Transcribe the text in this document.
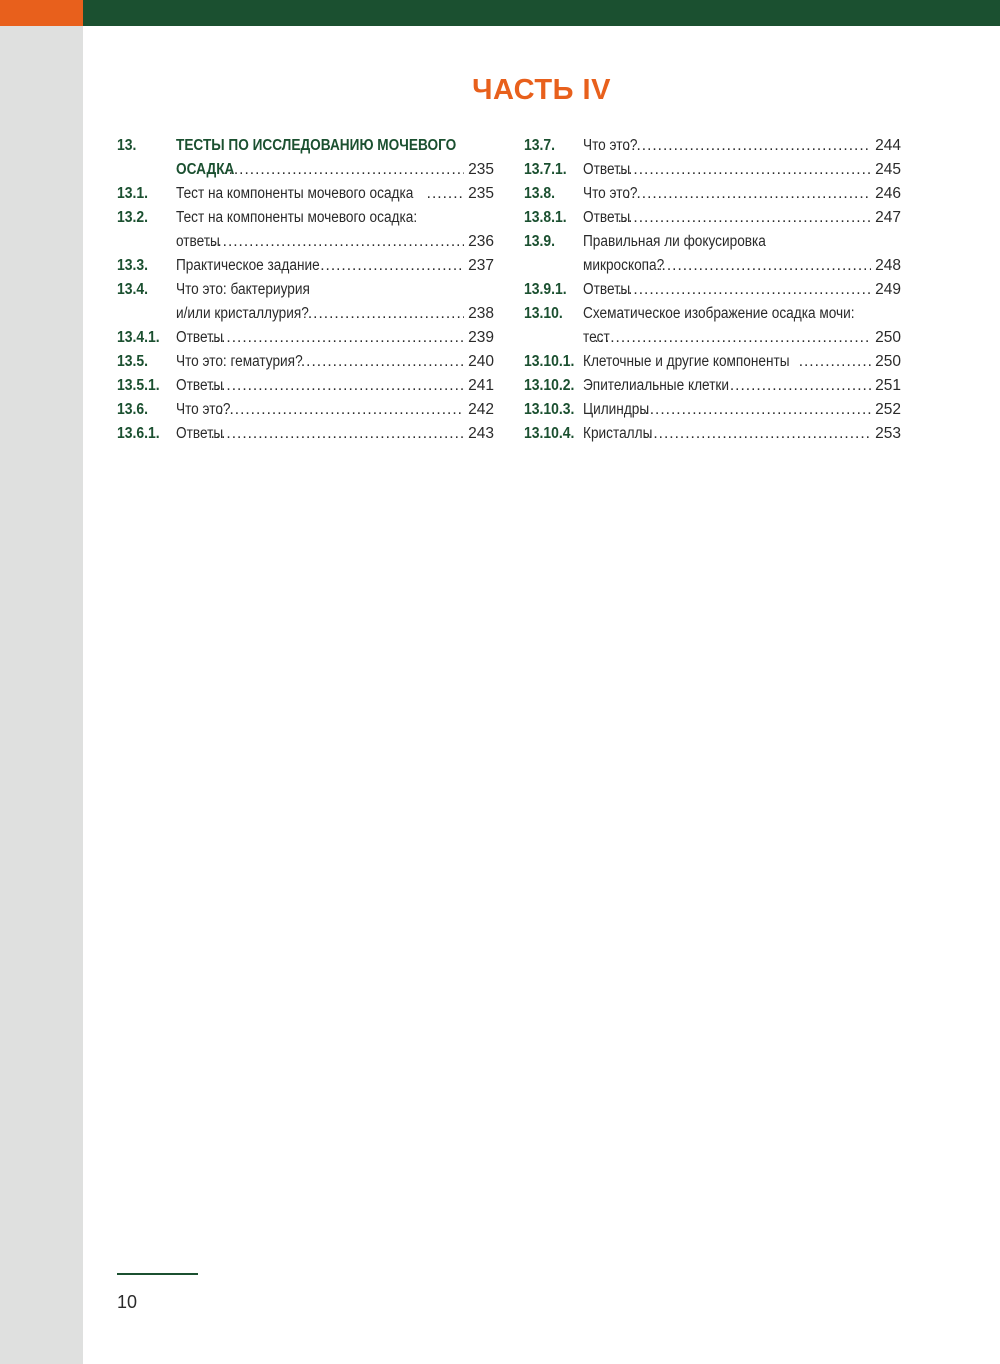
ЧАСТЬ IV
13.	ТЕСТЫ ПО ИССЛЕДОВАНИЮ МОЧЕВОГО
ОСАДКА .....	235
13.1.	Тест на компоненты мочевого осадка .....	235
13.2.	Тест на компоненты мочевого осадка:
ответы .....	236
13.3.	Практическое задание .....	237
13.4.	Что это: бактериурия
и/или кристаллурия? .....	238
13.4.1.	Ответы .....	239
13.5.	Что это: гематурия? .....	240
13.5.1.	Ответы .....	241
13.6.	Что это? .....	242
13.6.1.	Ответы .....	243
13.7.	Что это? .....	244
13.7.1.	Ответы .....	245
13.8.	Что это? .....	246
13.8.1.	Ответы .....	247
13.9.	Правильная ли фокусировка
микроскопа? .....	248
13.9.1.	Ответы .....	249
13.10.	Схематическое изображение осадка мочи:
тест .....	250
13.10.1. Клеточные и другие компоненты .....	250
13.10.2. Эпителиальные клетки .....	251
13.10.3. Цилиндры .....	252
13.10.4. Кристаллы .....	253
10
